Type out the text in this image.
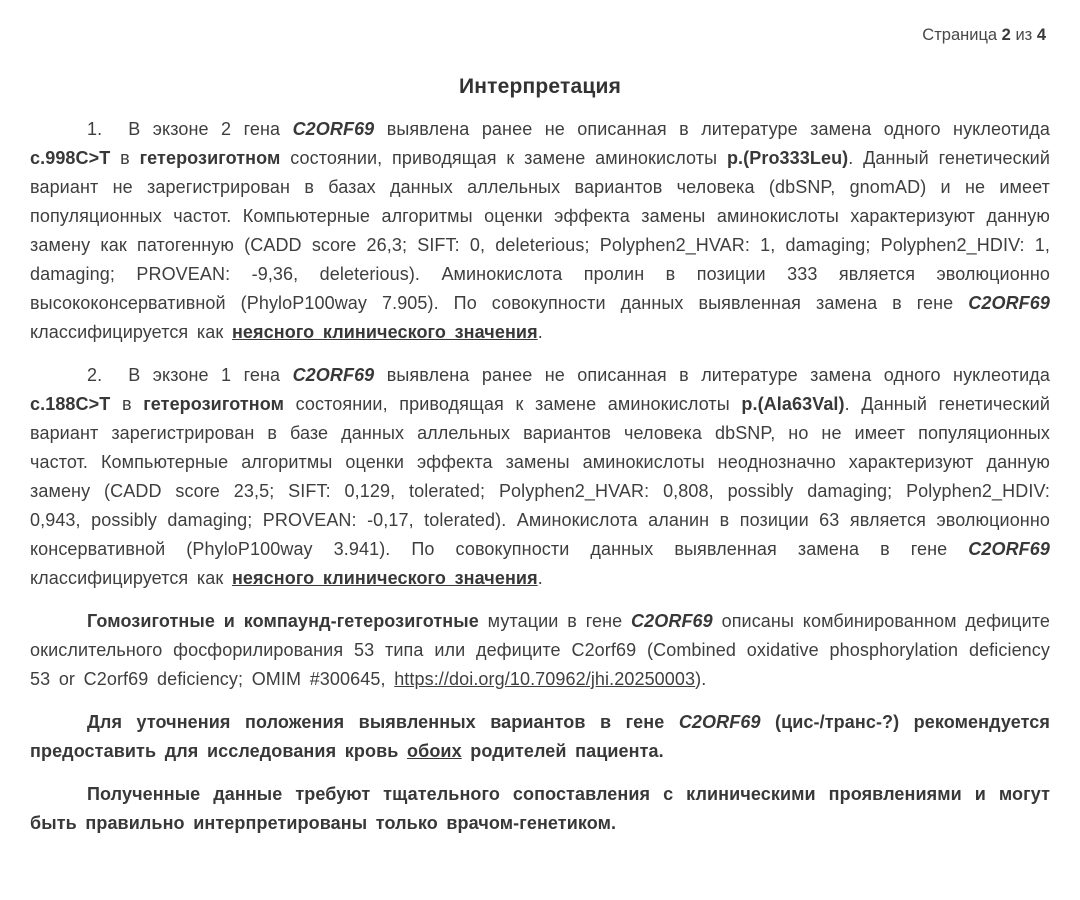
Страница 2 из 4
Интерпретация

1. В экзоне 2 гена C2ORF69 выявлена ранее не описанная в литературе замена одного нуклеотида c.998C>T в гетерозиготном состоянии, приводящая к замене аминокислоты p.(Pro333Leu). Данный генетический вариант не зарегистрирован в базах данных аллельных вариантов человека (dbSNP, gnomAD) и не имеет популяционных частот. Компьютерные алгоритмы оценки эффекта замены аминокислоты характеризуют данную замену как патогенную (CADD score 26,3; SIFT: 0, deleterious; Polyphen2_HVAR: 1, damaging; Polyphen2_HDIV: 1, damaging; PROVEAN: -9,36, deleterious). Аминокислота пролин в позиции 333 является эволюционно высококонсервативной (PhyloP100way 7.905). По совокупности данных выявленная замена в гене C2ORF69 классифицируется как неясного клинического значения.

2. В экзоне 1 гена C2ORF69 выявлена ранее не описанная в литературе замена одного нуклеотида c.188C>T в гетерозиготном состоянии, приводящая к замене аминокислоты p.(Ala63Val). Данный генетический вариант зарегистрирован в базе данных аллельных вариантов человека dbSNP, но не имеет популяционных частот. Компьютерные алгоритмы оценки эффекта замены аминокислоты неоднозначно характеризуют данную замену (CADD score 23,5; SIFT: 0,129, tolerated; Polyphen2_HVAR: 0,808, possibly damaging; Polyphen2_HDIV: 0,943, possibly damaging; PROVEAN: -0,17, tolerated). Аминокислота аланин в позиции 63 является эволюционно консервативной (PhyloP100way 3.941). По совокупности данных выявленная замена в гене C2ORF69 классифицируется как неясного клинического значения.

Гомозиготные и компаунд-гетерозиготные мутации в гене C2ORF69 описаны комбинированном дефиците окислительного фосфорилирования 53 типа или дефиците C2orf69 (Combined oxidative phosphorylation deficiency 53 or C2orf69 deficiency; OMIM #300645, https://doi.org/10.70962/jhi.20250003).

Для уточнения положения выявленных вариантов в гене C2ORF69 (цис-/транс-?) рекомендуется предоставить для исследования кровь обоих родителей пациента.

Полученные данные требуют тщательного сопоставления с клиническими проявлениями и могут быть правильно интерпретированы только врачом-генетиком.
